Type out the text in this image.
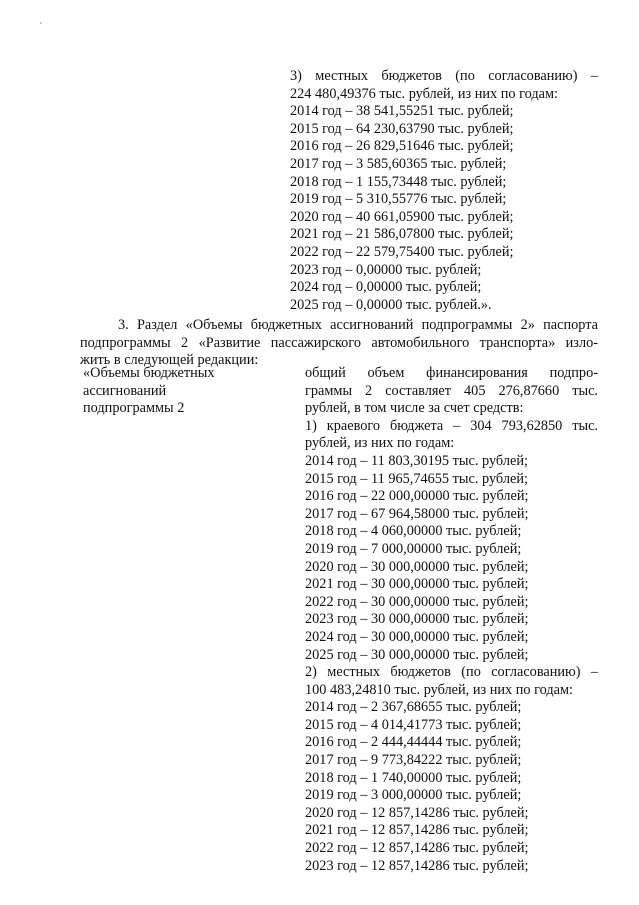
3) местных бюджетов (по согласованию) –
224 480,49376 тыс. рублей, из них по годам:
2014 год – 38 541,55251 тыс. рублей;
2015 год – 64 230,63790 тыс. рублей;
2016 год – 26 829,51646 тыс. рублей;
2017 год – 3 585,60365 тыс. рублей;
2018 год – 1 155,73448 тыс. рублей;
2019 год – 5 310,55776 тыс. рублей;
2020 год – 40 661,05900 тыс. рублей;
2021 год – 21 586,07800 тыс. рублей;
2022 год – 22 579,75400 тыс. рублей;
2023 год – 0,00000 тыс. рублей;
2024 год – 0,00000 тыс. рублей;
2025 год – 0,00000 тыс. рублей.».
3. Раздел «Объемы бюджетных ассигнований подпрограммы 2» паспорта
подпрограммы 2 «Развитие пассажирского автомобильного транспорта» изло-
жить в следующей редакции:
«Объемы бюджетных
ассигнований
подпрограммы 2
общий объем финансирования подпро-
граммы 2 составляет 405 276,87660 тыс.
рублей, в том числе за счет средств:
1) краевого бюджета – 304 793,62850 тыс.
рублей, из них по годам:
2014 год – 11 803,30195 тыс. рублей;
2015 год – 11 965,74655 тыс. рублей;
2016 год – 22 000,00000 тыс. рублей;
2017 год – 67 964,58000 тыс. рублей;
2018 год – 4 060,00000 тыс. рублей;
2019 год – 7 000,00000 тыс. рублей;
2020 год – 30 000,00000 тыс. рублей;
2021 год – 30 000,00000 тыс. рублей;
2022 год – 30 000,00000 тыс. рублей;
2023 год – 30 000,00000 тыс. рублей;
2024 год – 30 000,00000 тыс. рублей;
2025 год – 30 000,00000 тыс. рублей;
2) местных бюджетов (по согласованию) –
100 483,24810 тыс. рублей, из них по годам:
2014 год – 2 367,68655 тыс. рублей;
2015 год – 4 014,41773 тыс. рублей;
2016 год – 2 444,44444 тыс. рублей;
2017 год – 9 773,84222 тыс. рублей;
2018 год – 1 740,00000 тыс. рублей;
2019 год – 3 000,00000 тыс. рублей;
2020 год – 12 857,14286 тыс. рублей;
2021 год – 12 857,14286 тыс. рублей;
2022 год – 12 857,14286 тыс. рублей;
2023 год – 12 857,14286 тыс. рублей;
